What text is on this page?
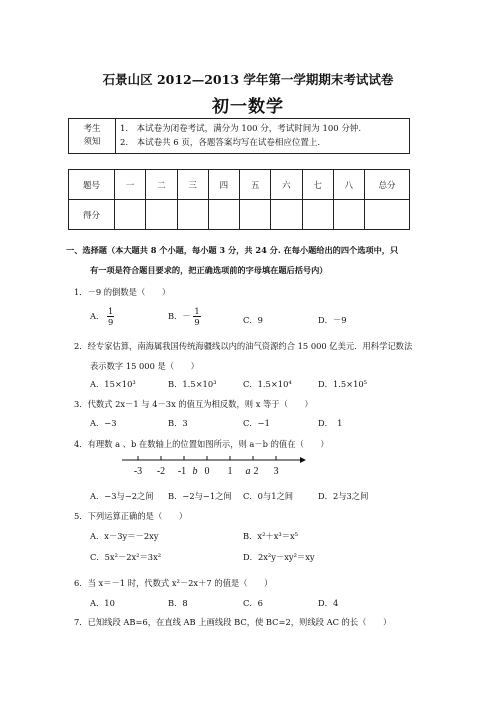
石景山区 2012—2013 学年第一学期期末考试试卷
初一数学
考生
须知

1.　本试卷为闭卷考试，满分为 100 分，考试时间为 100 分钟.
2.　本试卷共 6 页，各题答案均写在试卷相应位置上.
题号	一	二	三	四	五	六	七	八	总分
得分									
一、选择题（本大题共 8 个小题，每小题 3 分，共 24 分. 在每小题给出的四个选项中，只
有一项是符合题目要求的，把正确选项前的字母填在题后括号内）
1．－9 的倒数是（　　）
A． $\frac{1}{9}$	B．－ $\frac{1}{9}$	C．9	D．－9
2．经专家估算，南海属我国传统海疆线以内的油气资源约合 15 000 亿美元．用科学记数法
表示数字 15 000 是（　　）
A．15×10³	B．1.5×10³	C．1.5×10⁴	D．1.5×10⁵
3．代数式 2x－1 与 4－3x 的值互为相反数，则 x 等于（　　）
A．−3	B．3	C．−1	D．　1
4．有理数 a 、b 在数轴上的位置如图所示，则 a－b 的值在（　　）
-3 -2 -1 0 1 2 3
b	a
A．−3与−2之间 B．−2与−1之间 C．0与1之间	D．2与3之间
5．下列运算正确的是（　　）
A．x－3y＝－2xy	B．x²＋x³＝x⁵
C．5x²－2x²＝3x²	D．2x²y－xy²＝xy
6．当 x＝－1 时，代数式 x²－2x＋7 的值是（　　）
A．10	B．8	C．6	D．4
7．已知线段 AB=6，在直线 AB 上画线段 BC，使 BC=2，则线段 AC 的长（　　）
